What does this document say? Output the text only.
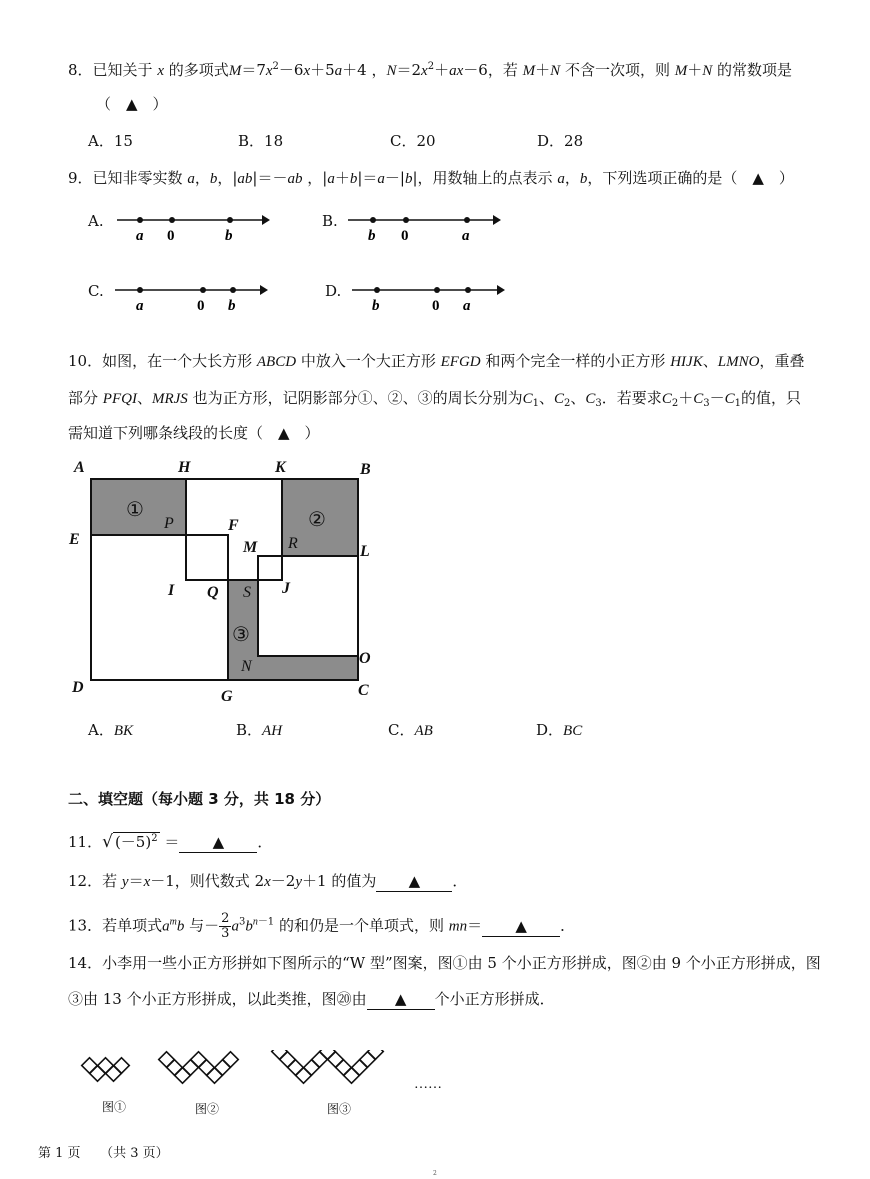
8．已知关于 x 的多项式$M=7x^2-6x+5a+4$ ，$N=2x^2+ax-6$，若 M＋N 不含一次项，则 M＋N 的常数项是
（　▲　）
A．15	B．18	C．20	D．28
9．已知非零实数 a，b，|ab|＝－ab ，|a＋b|＝a－|b|，用数轴上的点表示 a，b，下列选项正确的是（　▲　）
A.
a 0	b
B.
b 0	a
C.
a	0 b
D.
b	0 a
10．如图，在一个大长方形 ABCD 中放入一个大正方形 EFGD 和两个完全一样的小正方形 HIJK、LMNO，重叠
部分 PFQI、MRJS 也为正方形，记阴影部分①、②、③的周长分别为$C_1$、$C_2$、$C_3$．若要求$C_2+C_3-C_1$的值，只
需知道下列哪条线段的长度（　▲　）
A	H	K	B
E
L
F
M R
P
I Q S J
N	O
D
G	C
①	②
③
A．BK	B．AH	C．AB	D．BC
二、填空题（每小题 3 分，共 18 分）
11．√ $(-5)^2$ ＝ ▲ ．
12．若 y＝x－1，则代数式 2x－2y＋1 的值为 ▲ ．
13．若单项式$a^mb$ 与－ $\frac{2}{3} a^3b^{n-1}$ 的和仍是一个单项式，则 mn＝ ▲ ．
14．小李用一些小正方形拼如下图所示的“W 型”图案，图①由 5 个小正方形拼成，图②由 9 个小正方形拼成，图
③由 13 个小正方形拼成，以此类推，图⑳由 ▲ 个小正方形拼成．
……
图①	图②	图③
第 1 页　　 （共 3 页）
2
